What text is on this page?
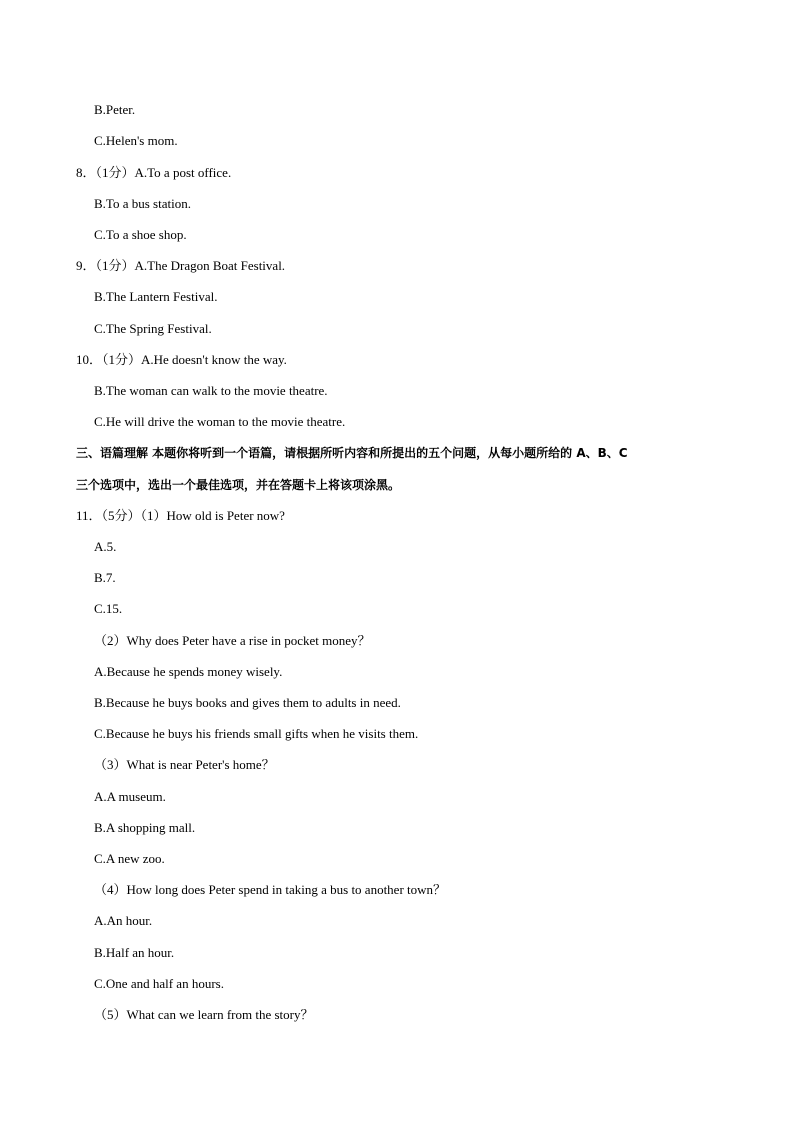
B.Peter.
C.Helen's mom.
8．（1分）A.To a post office.
B.To a bus station.
C.To a shoe shop.
9．（1分）A.The Dragon Boat Festival.
B.The Lantern Festival.
C.The Spring Festival.
10．（1分）A.He doesn't know the way.
B.The woman can walk to the movie theatre.
C.He will drive the woman to the movie theatre.
三、语篇理解 本题你将听到一个语篇，请根据所听内容和所提出的五个问题，从每小题所给的 A、B、C
三个选项中，选出一个最佳选项，并在答题卡上将该项涂黑。
11．（5分）（1）How old is Peter now?
A.5.
B.7.
C.15.
（2）Why does Peter have a rise in pocket money？
A.Because he spends money wisely.
B.Because he buys books and gives them to adults in need.
C.Because he buys his friends small gifts when he visits them.
（3）What is near Peter's home？
A.A museum.
B.A shopping mall.
C.A new zoo.
（4）How long does Peter spend in taking a bus to another town？
A.An hour.
B.Half an hour.
C.One and half an hours.
（5）What can we learn from the story？
